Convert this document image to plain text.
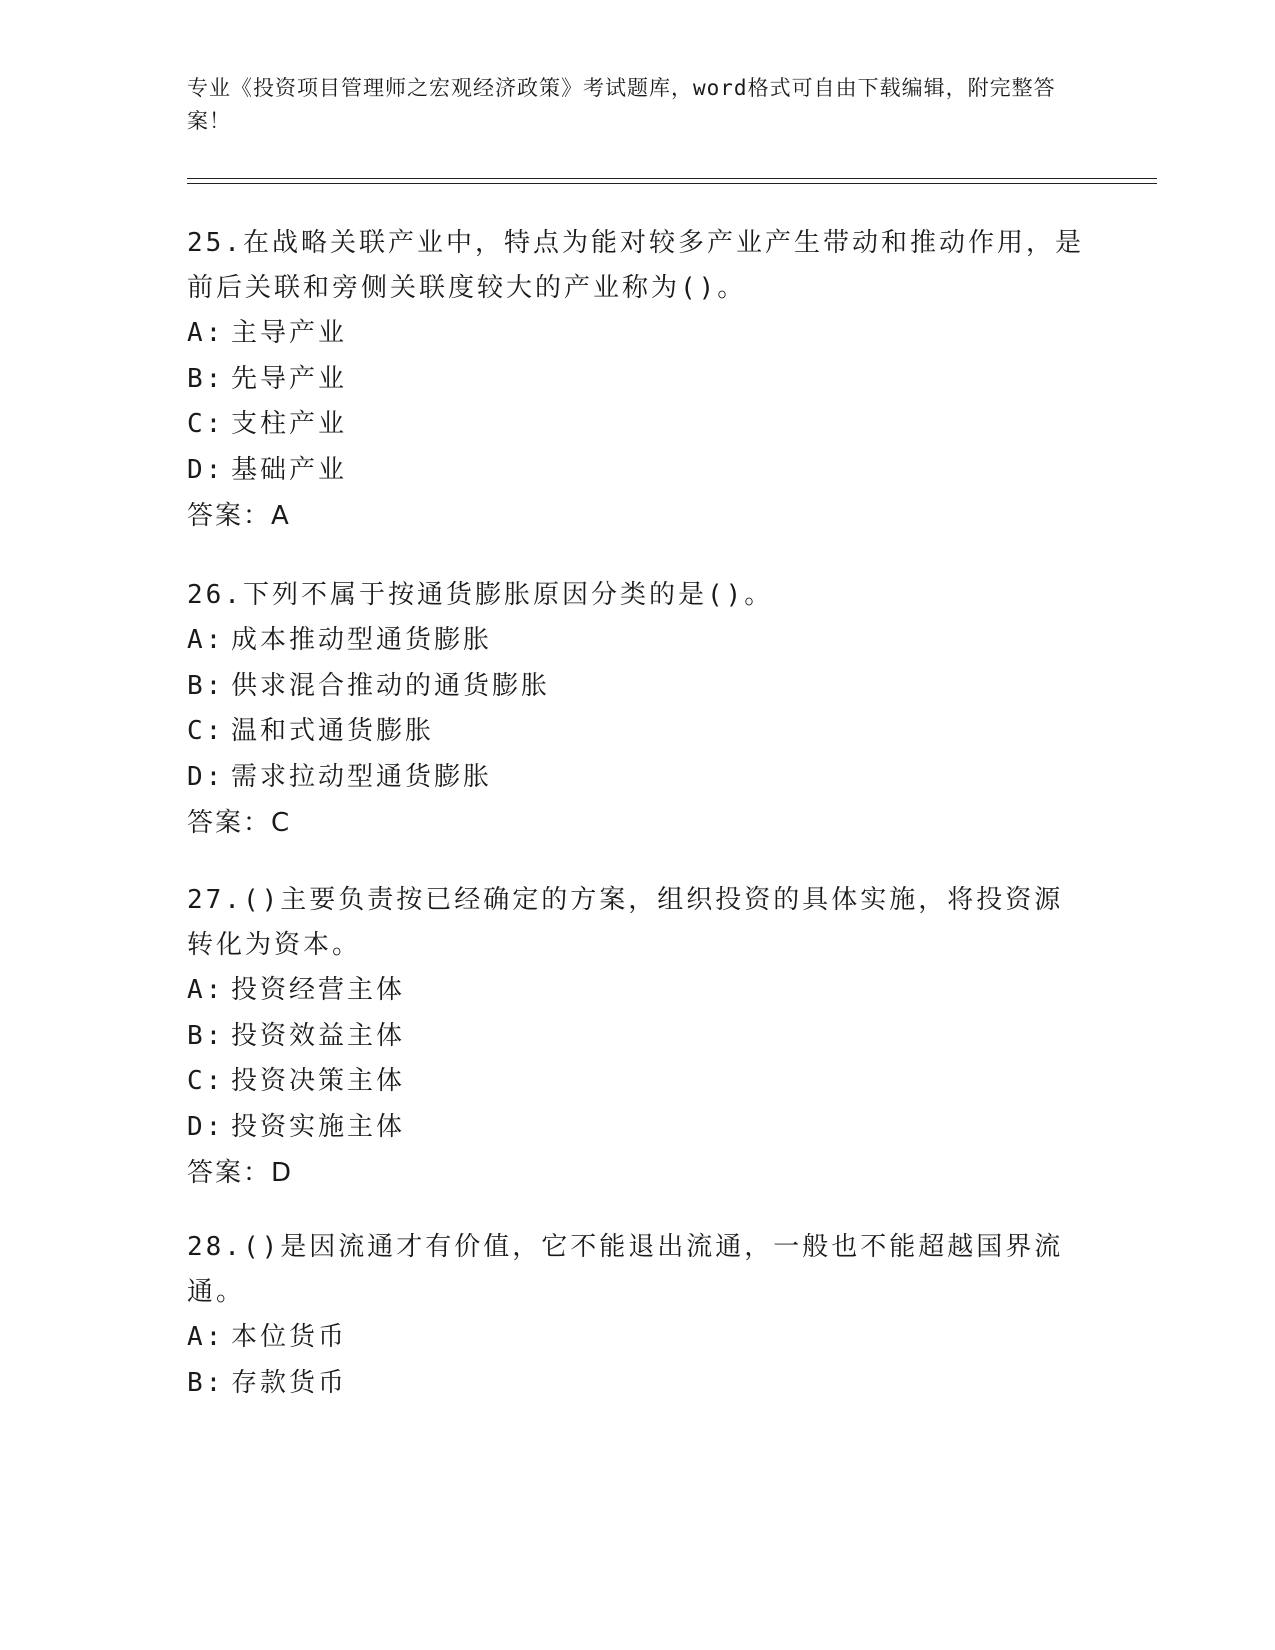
专业《投资项目管理师之宏观经济政策》考试题库，word格式可自由下载编辑，附完整答案！

25.在战略关联产业中，特点为能对较多产业产生带动和推动作用，是前后关联和旁侧关联度较大的产业称为()。

A: 主导产业

B: 先导产业

C: 支柱产业

D: 基础产业

答案：A

26.下列不属于按通货膨胀原因分类的是()。

A: 成本推动型通货膨胀

B: 供求混合推动的通货膨胀

C: 温和式通货膨胀

D: 需求拉动型通货膨胀

答案：C

27.()主要负责按已经确定的方案，组织投资的具体实施，将投资源转化为资本。

A: 投资经营主体

B: 投资效益主体

C: 投资决策主体

D: 投资实施主体

答案：D

28.()是因流通才有价值，它不能退出流通，一般也不能超越国界流通。

A: 本位货币

B: 存款货币
